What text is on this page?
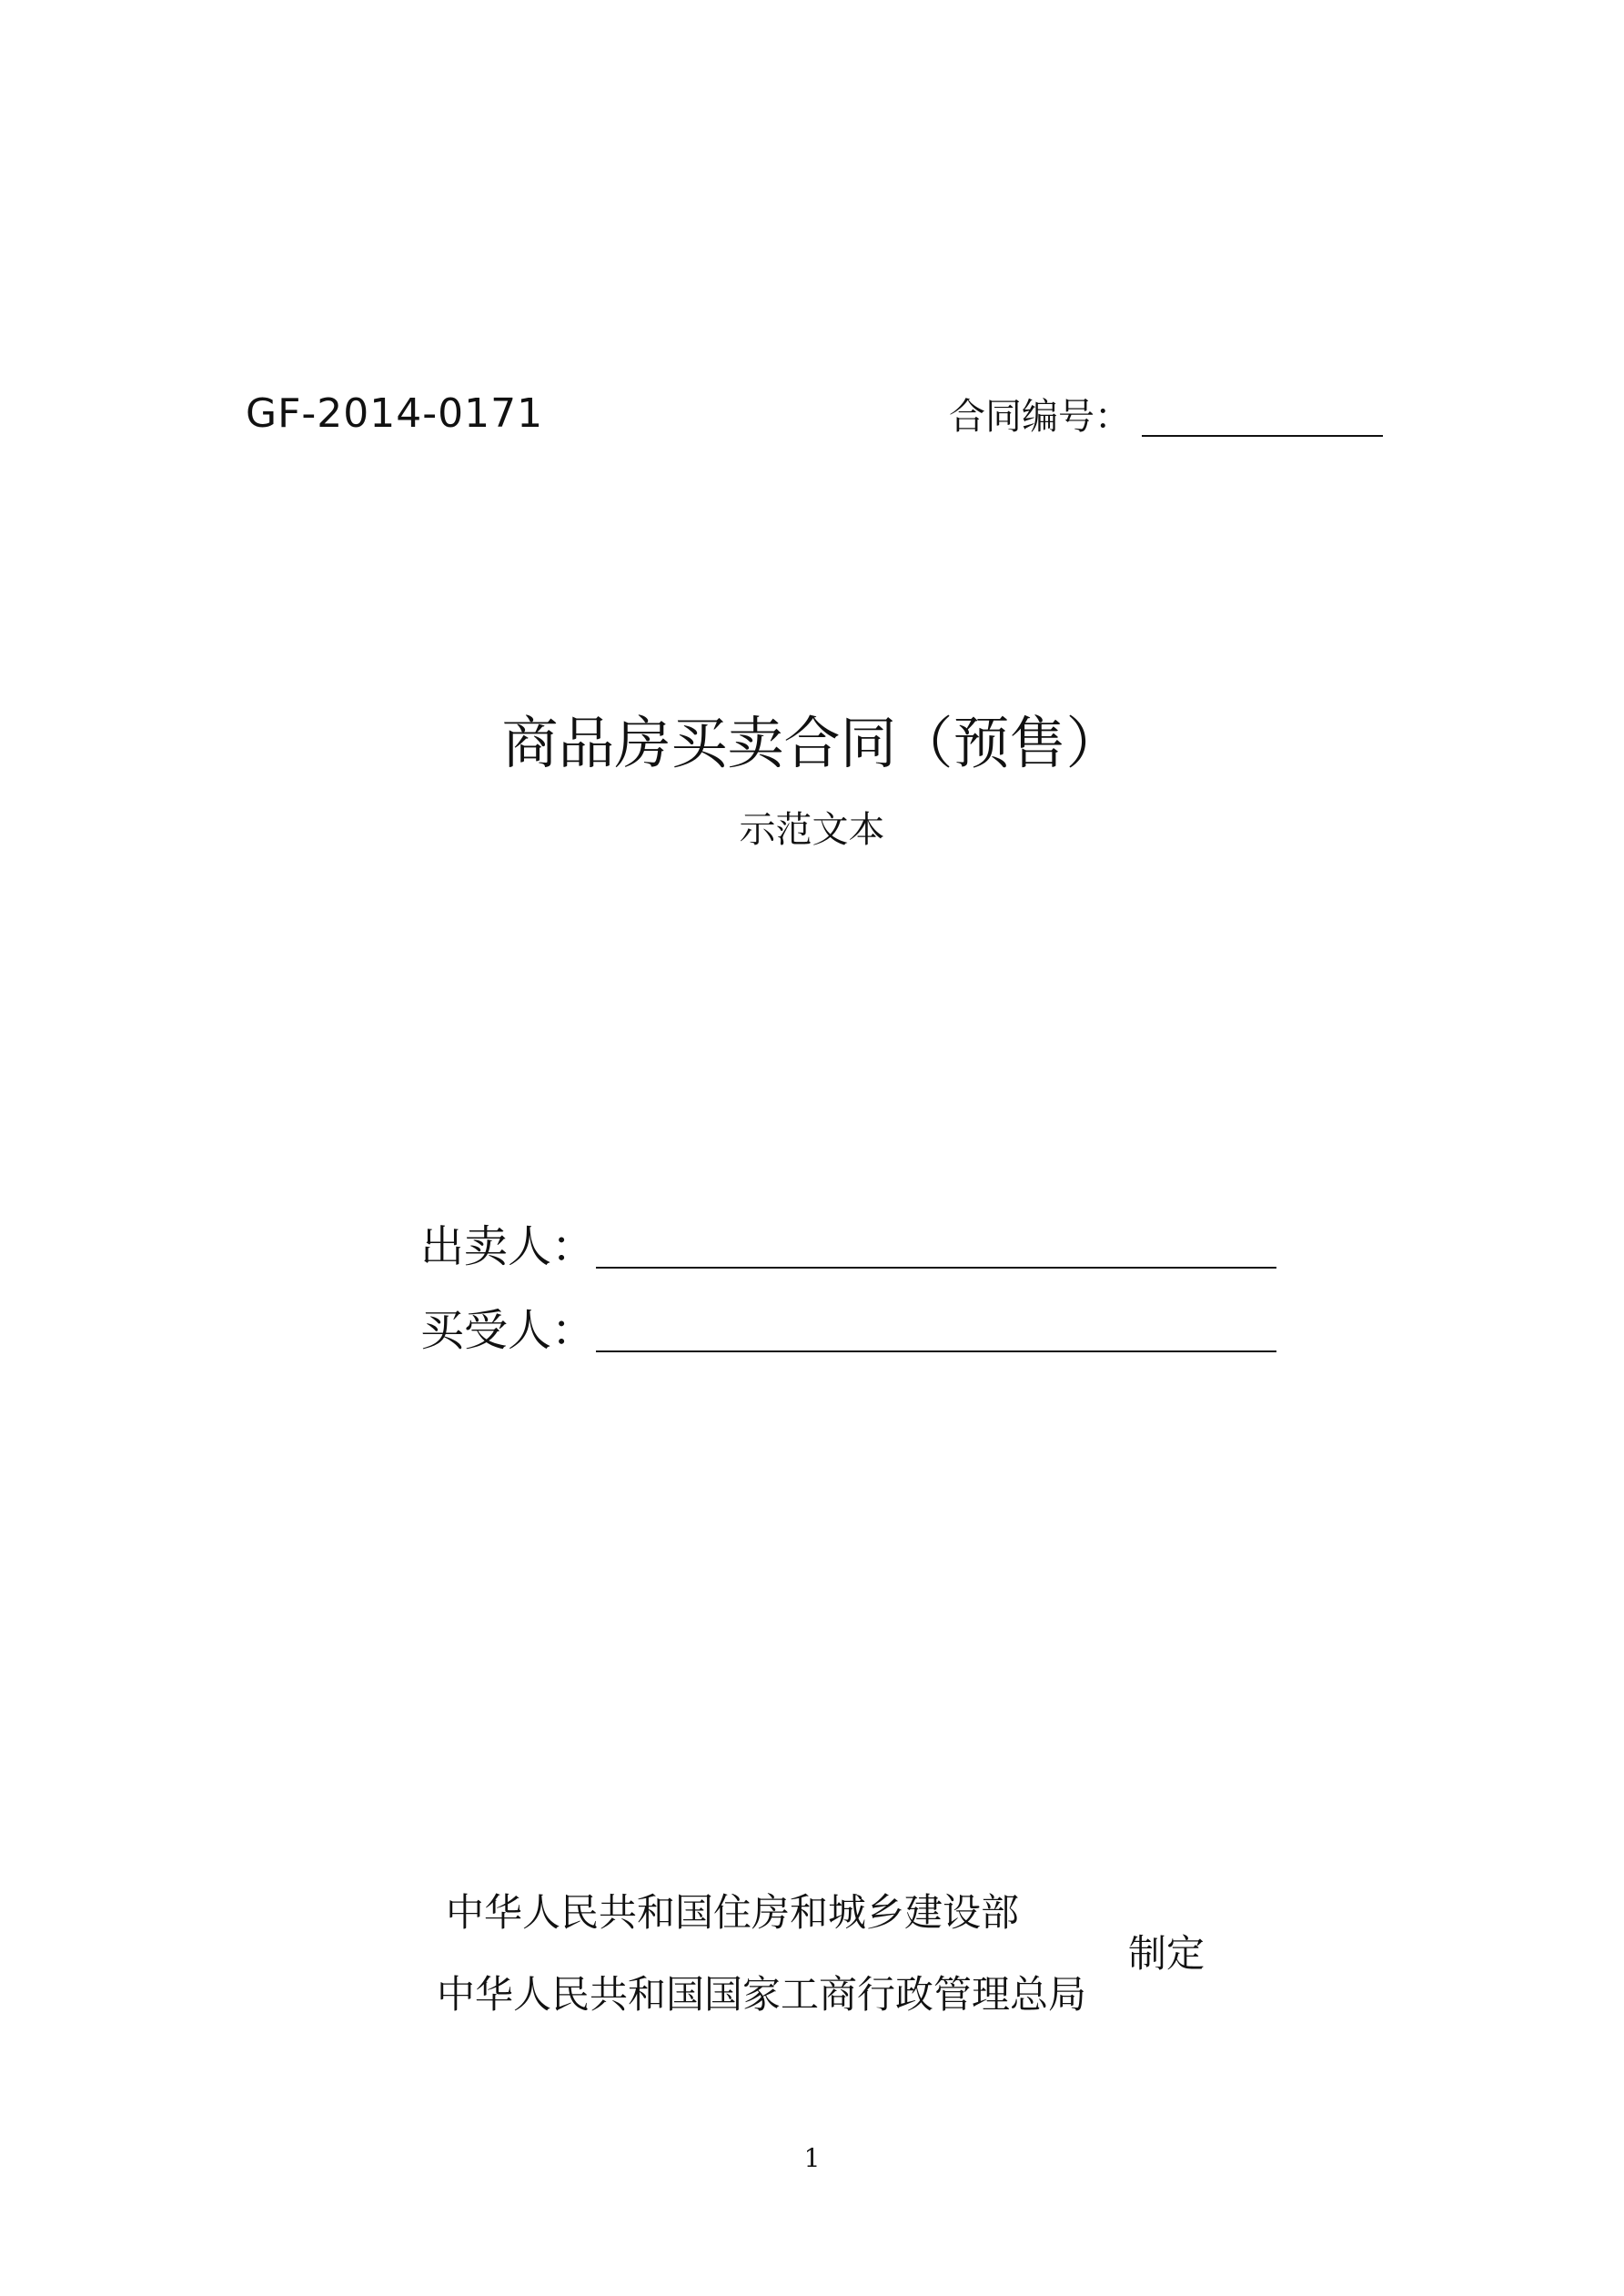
GF-2014-0171	合同编号：
商品房买卖合同（预售）
示范文本
出卖人：
买受人：
中华人民共和国住房和城乡建设部
中华人民共和国国家工商行政管理总局
制定
1
